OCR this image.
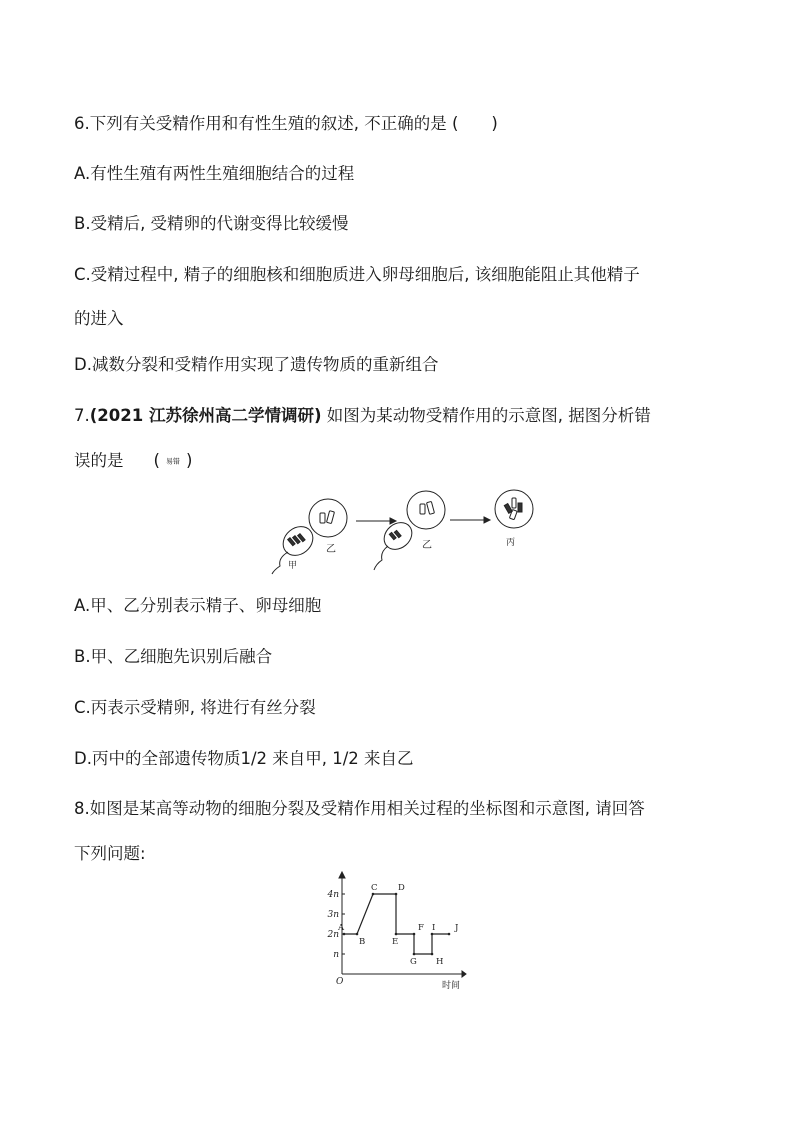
6.下列有关受精作用和有性生殖的叙述, 不正确的是 (　　)
A.有性生殖有两性生殖细胞结合的过程
B.受精后, 受精卵的代谢变得比较缓慢
C.受精过程中, 精子的细胞核和细胞质进入卵母细胞后, 该细胞能阻止其他精子
的进入
D.减数分裂和受精作用实现了遗传物质的重新组合
7.(2021 江苏徐州高二学情调研) 如图为某动物受精作用的示意图, 据图分析错
误的是 ( 易错 )
甲
乙	乙	丙
A.甲、乙分别表示精子、卵母细胞
B.甲、乙细胞先识别后融合
C.丙表示受精卵, 将进行有丝分裂
D.丙中的全部遗传物质1/2 来自甲, 1/2 来自乙
8.如图是某高等动物的细胞分裂及受精作用相关过程的坐标图和示意图, 请回答
下列问题:
4n
3n
2n
n
O	时间
A
B
C D
E
F
G H
I J
